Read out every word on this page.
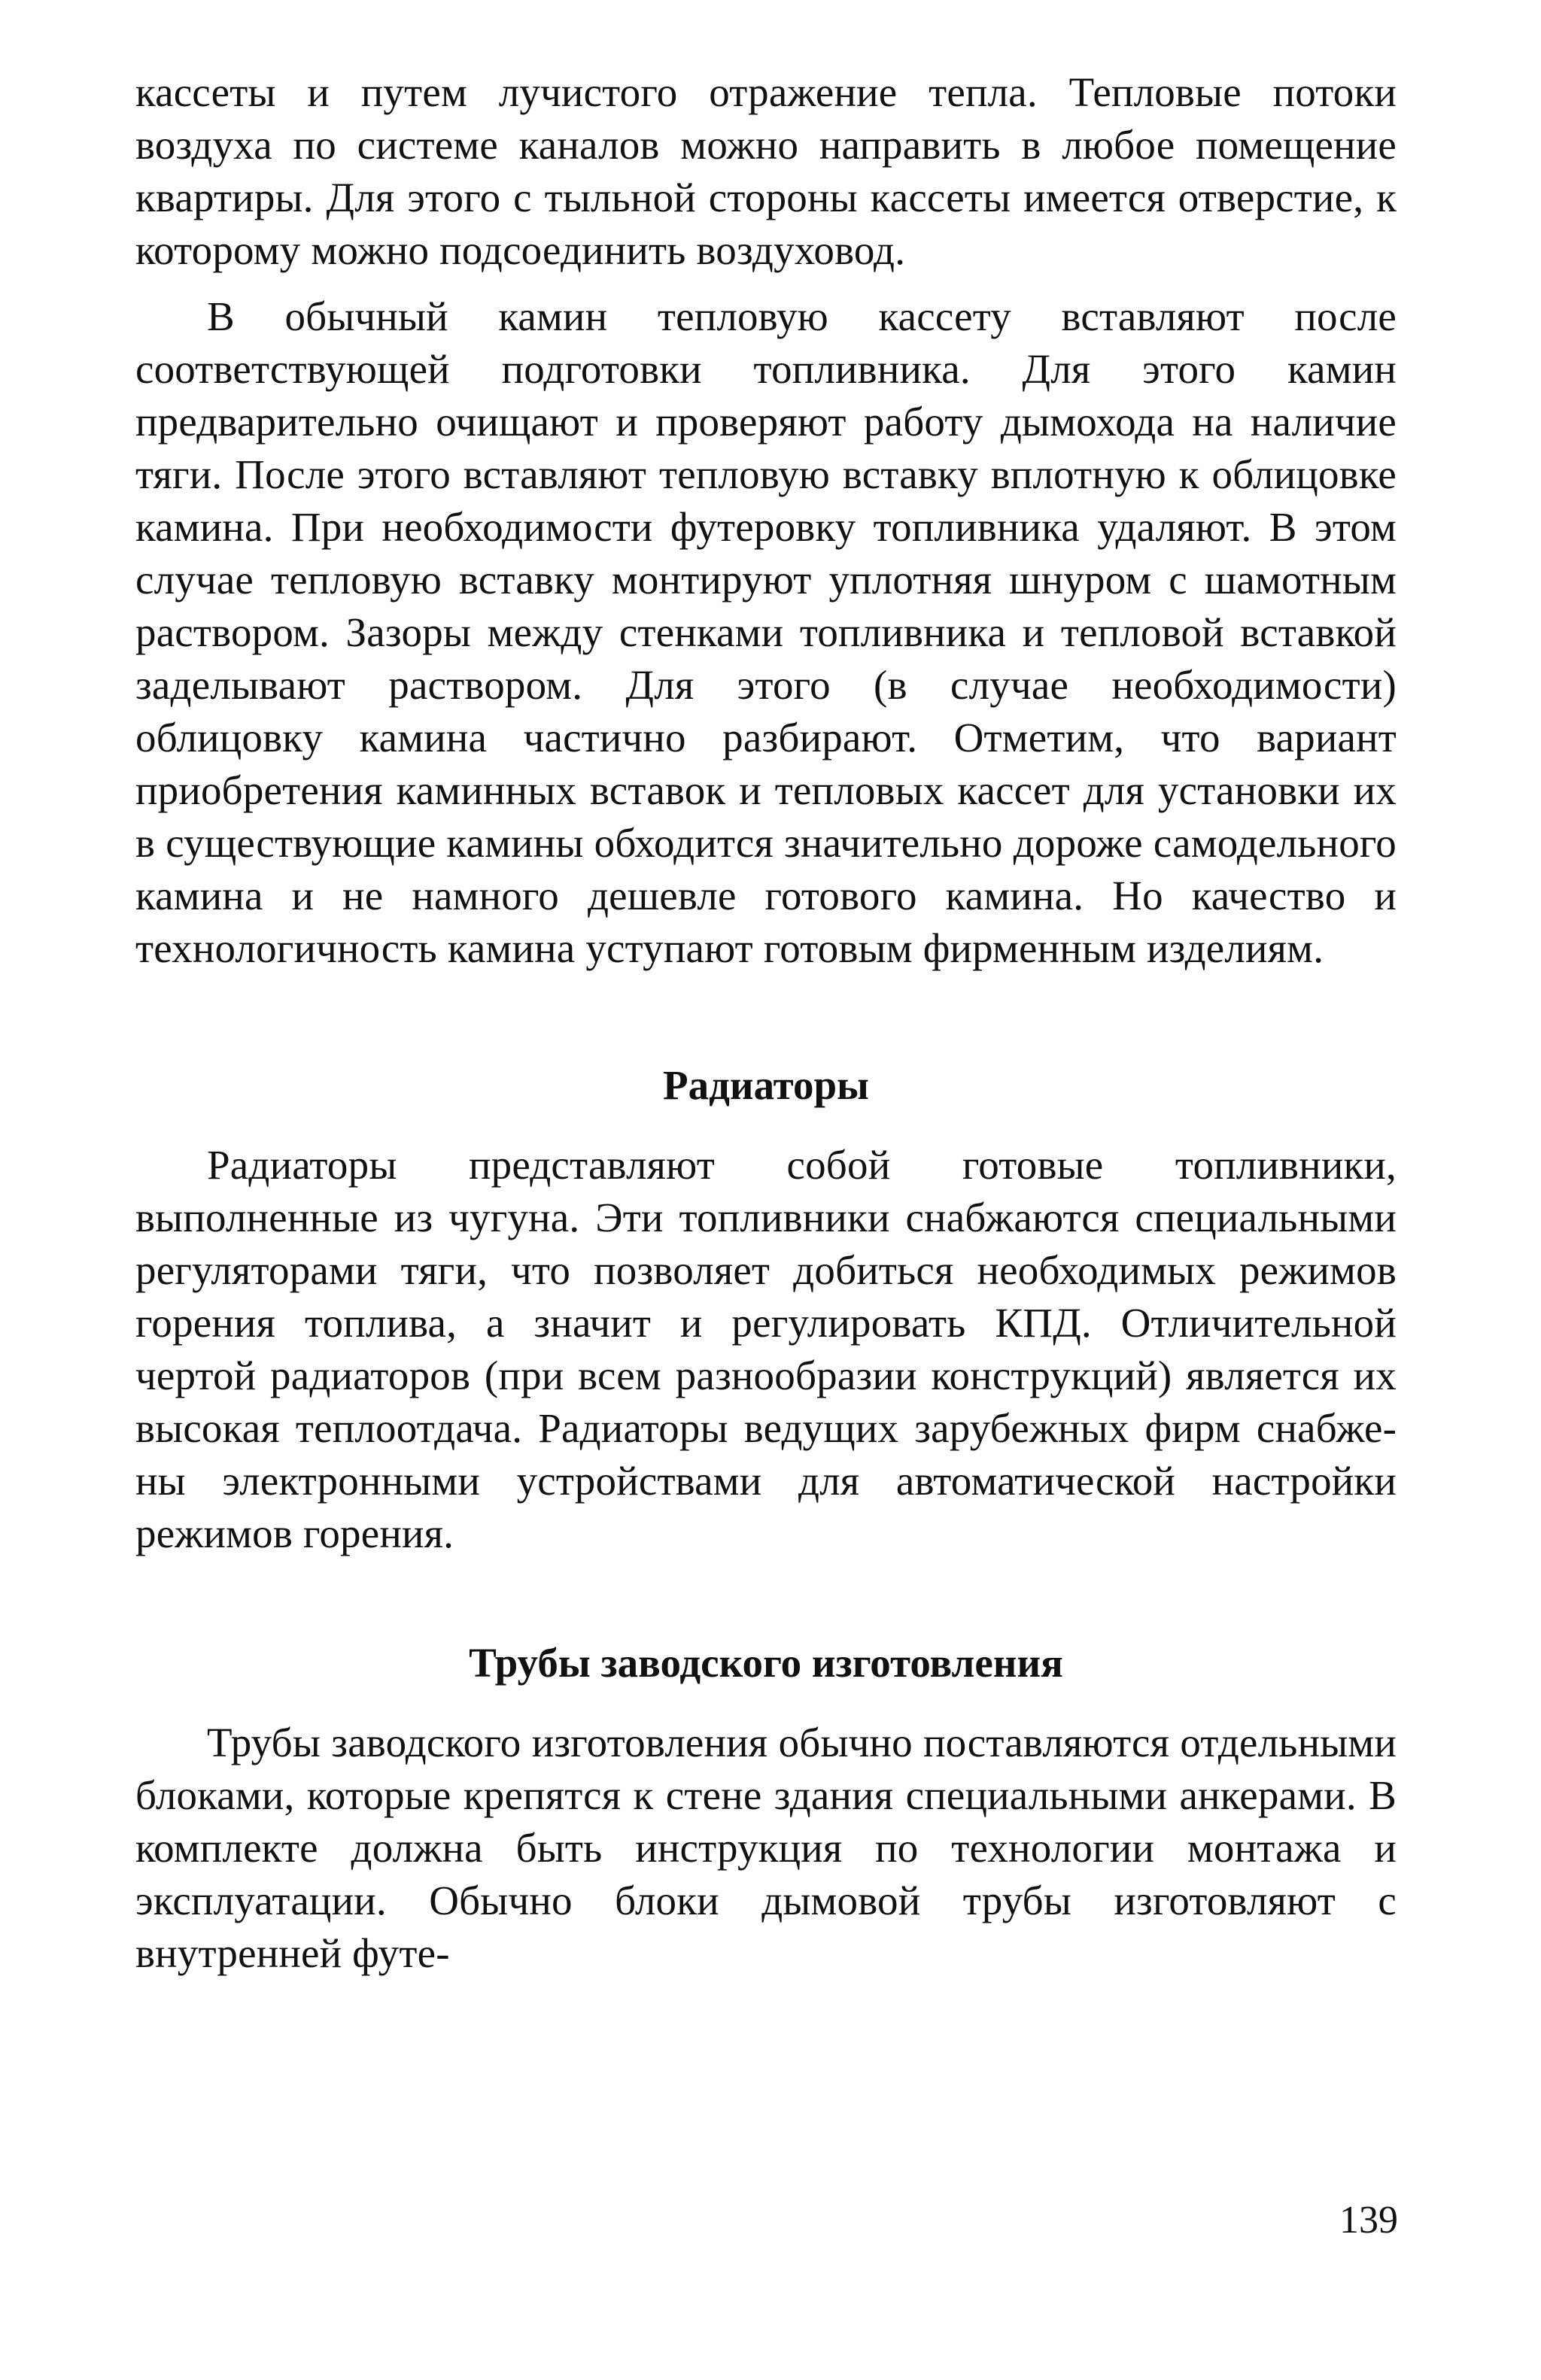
кассеты и путем лучистого отражение тепла. Тепловые потоки воздуха по системе каналов можно направить в любое помещение квартиры. Для этого с тыльной стороны кассеты имеется отверстие, к которому можно подсоединить воздуховод.

В обычный камин тепловую кассету вставляют после соответствующей подготовки топливника. Для этого камин предварительно очищают и проверяют работу дымохода на наличие тяги. После этого вставляют тепловую вставку вплотную к облицовке камина. При необходимости футеровку топливника удаляют. В этом случае тепловую вставку монтируют уплотняя шнуром с шамотным раствором. Зазоры между стенками топливника и тепловой вставкой заделывают раствором. Для этого (в случае необходимости) облицовку камина частично разбирают. Отметим, что вариант приобретения каминных вставок и тепловых кассет для установки их в существующие камины обходится значительно дороже самодельного камина и не намного дешевле готового камина. Но качество и технологичность камина уступают готовым фирменным изделиям.

Радиаторы

Радиаторы представляют собой готовые топливники, выполненные из чугуна. Эти топливники снабжаются специальными регуляторами тяги, что позволяет добиться необходимых режимов горения топлива, а значит и регулировать КПД. Отличительной чертой радиаторов (при всем разнообразии конструкций) является их высокая теплоотдача. Радиаторы ведущих зарубежных фирм снабжены электронными устройствами для автоматической настройки режимов горения.

Трубы заводского изготовления

Трубы заводского изготовления обычно поставляются отдельными блоками, которые крепятся к стене здания специальными анкерами. В комплекте должна быть инструкция по технологии монтажа и эксплуатации. Обычно блоки дымовой трубы изготовляют с внутренней футе-

139
